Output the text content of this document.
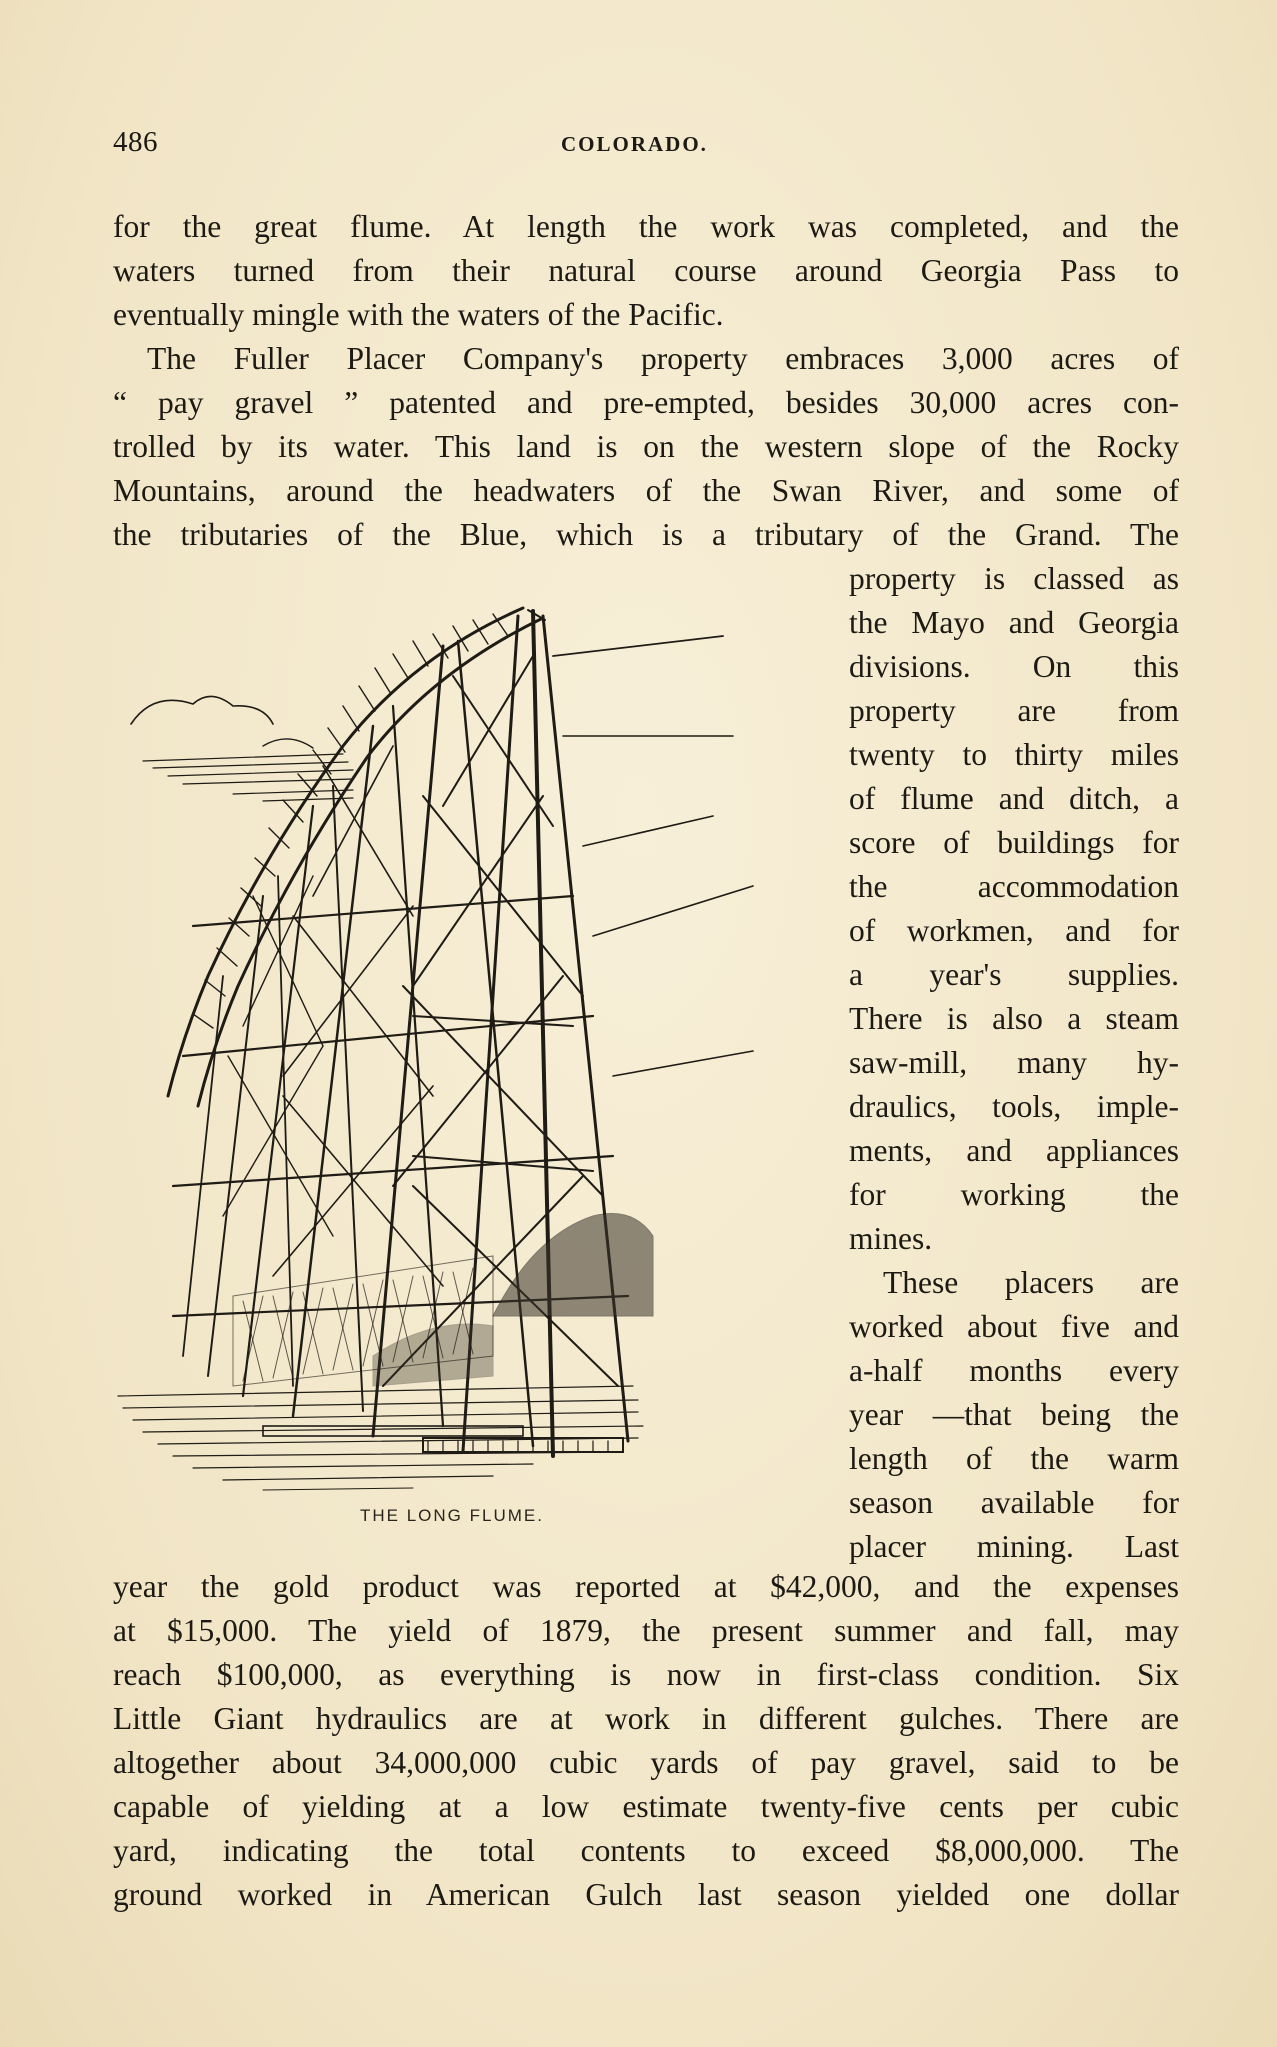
486	COLORADO.
for the great flume. At length the work was completed, and the
waters turned from their natural course around Georgia Pass to
eventually mingle with the waters of the Pacific.
The Fuller Placer Company's property embraces 3,000 acres of
“ pay gravel ” patented and pre-empted, besides 30,000 acres con-
trolled by its water. This land is on the western slope of the Rocky
Mountains, around the headwaters of the Swan River, and some of
the tributaries of the Blue, which is a tributary of the Grand. The
property is classed as
the Mayo and Georgia
divisions. On this
property are from
twenty to thirty miles
of flume and ditch, a
score of buildings for
the accommodation
of workmen, and for
a year's supplies.
There is also a steam
saw-mill, many hy-
draulics, tools, imple-
ments, and appliances
for working the
mines.
These placers are
worked about five and
a-half months every
year —that being the
length of the warm
season available for
placer mining. Last
THE LONG FLUME.
year the gold product was reported at $42,000, and the expenses
at $15,000. The yield of 1879, the present summer and fall, may
reach $100,000, as everything is now in first-class condition. Six
Little Giant hydraulics are at work in different gulches. There are
altogether about 34,000,000 cubic yards of pay gravel, said to be
capable of yielding at a low estimate twenty-five cents per cubic
yard, indicating the total contents to exceed $8,000,000. The
ground worked in American Gulch last season yielded one dollar
